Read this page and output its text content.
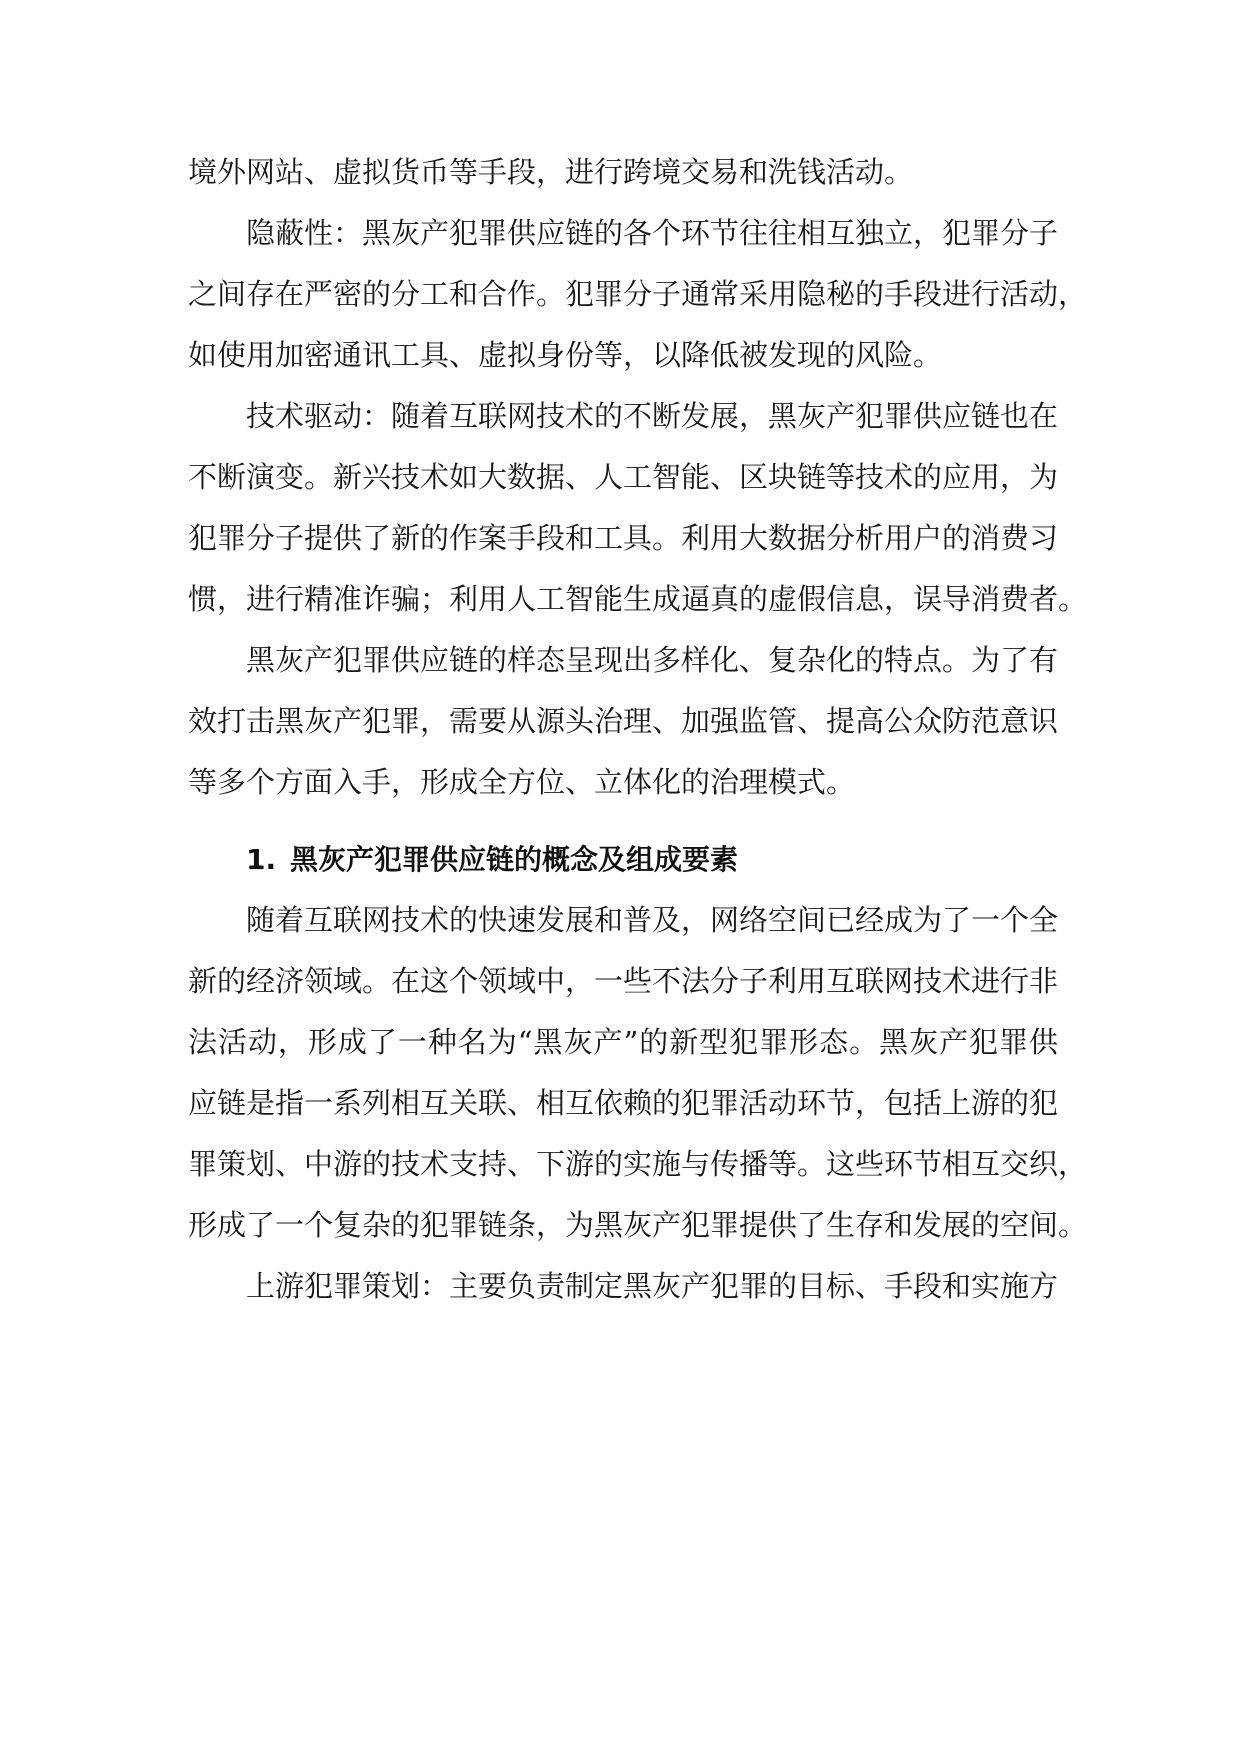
境外网站、虚拟货币等手段，进行跨境交易和洗钱活动。
隐蔽性：黑灰产犯罪供应链的各个环节往往相互独立，犯罪分子
之间存在严密的分工和合作。犯罪分子通常采用隐秘的手段进行活动，
如使用加密通讯工具、虚拟身份等，以降低被发现的风险。
技术驱动：随着互联网技术的不断发展，黑灰产犯罪供应链也在
不断演变。新兴技术如大数据、人工智能、区块链等技术的应用，为
犯罪分子提供了新的作案手段和工具。利用大数据分析用户的消费习
惯，进行精准诈骗；利用人工智能生成逼真的虚假信息，误导消费者。
黑灰产犯罪供应链的样态呈现出多样化、复杂化的特点。为了有
效打击黑灰产犯罪，需要从源头治理、加强监管、提高公众防范意识
等多个方面入手，形成全方位、立体化的治理模式。
1. 黑灰产犯罪供应链的概念及组成要素
随着互联网技术的快速发展和普及，网络空间已经成为了一个全
新的经济领域。在这个领域中，一些不法分子利用互联网技术进行非
法活动，形成了一种名为“黑灰产”的新型犯罪形态。黑灰产犯罪供
应链是指一系列相互关联、相互依赖的犯罪活动环节，包括上游的犯
罪策划、中游的技术支持、下游的实施与传播等。这些环节相互交织，
形成了一个复杂的犯罪链条，为黑灰产犯罪提供了生存和发展的空间。
上游犯罪策划：主要负责制定黑灰产犯罪的目标、手段和实施方
